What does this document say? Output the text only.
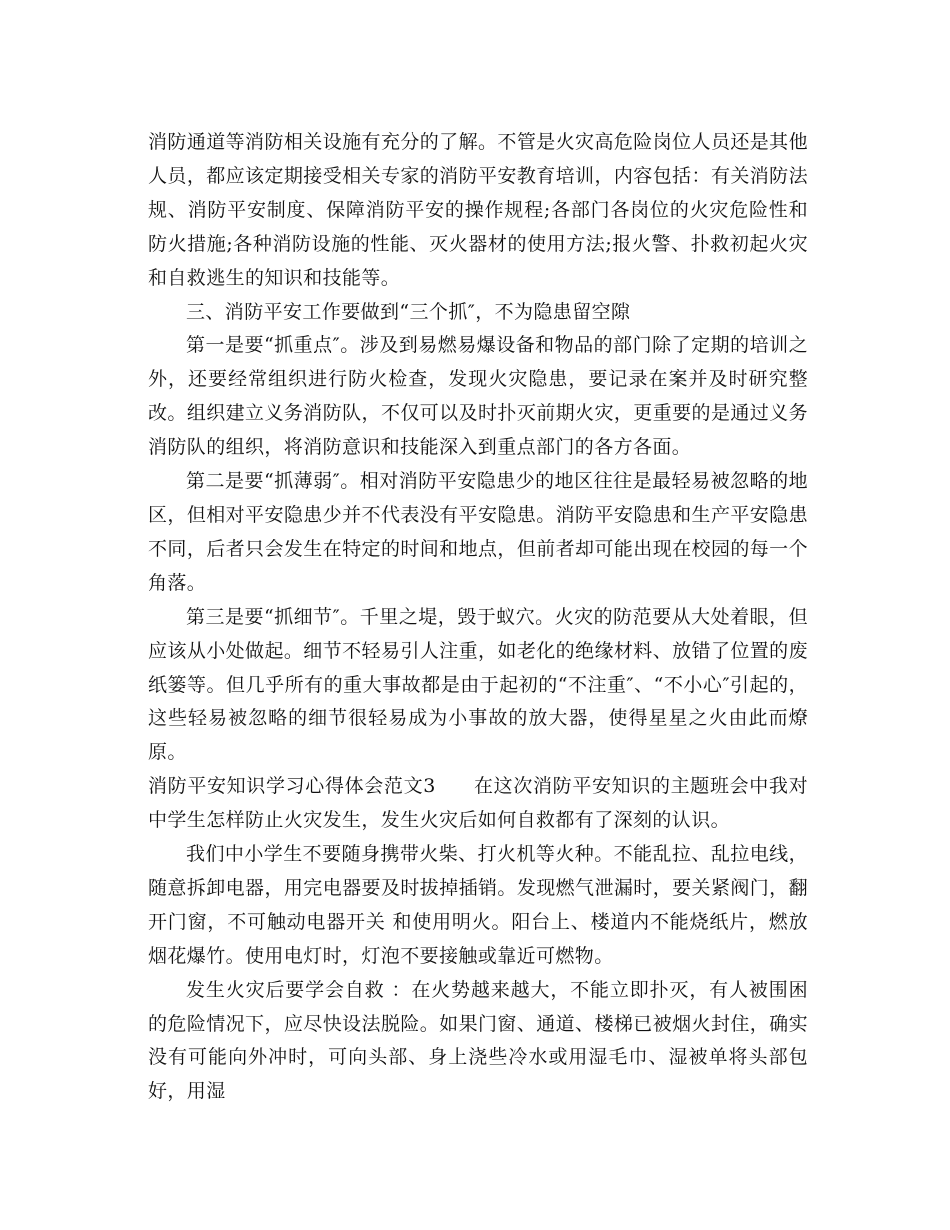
消防通道等消防相关设施有充分的了解。不管是火灾高危险岗位人员还是其他人员，都应该定期接受相关专家的消防平安教育培训，内容包括：有关消防法规、消防平安制度、保障消防平安的操作规程;各部门各岗位的火灾危险性和防火措施;各种消防设施的性能、灭火器材的使用方法;报火警、扑救初起火灾和自救逃生的知识和技能等。

三、消防平安工作要做到“三个抓″，不为隐患留空隙

第一是要“抓重点″。涉及到易燃易爆设备和物品的部门除了定期的培训之外，还要经常组织进行防火检查，发现火灾隐患，要记录在案并及时研究整改。组织建立义务消防队，不仅可以及时扑灭前期火灾，更重要的是通过义务消防队的组织，将消防意识和技能深入到重点部门的各方各面。

第二是要“抓薄弱″。相对消防平安隐患少的地区往往是最轻易被忽略的地区，但相对平安隐患少并不代表没有平安隐患。消防平安隐患和生产平安隐患不同，后者只会发生在特定的时间和地点，但前者却可能出现在校园的每一个角落。

第三是要“抓细节″。千里之堤，毁于蚁穴。火灾的防范要从大处着眼，但应该从小处做起。细节不轻易引人注重，如老化的绝缘材料、放错了位置的废纸篓等。但几乎所有的重大事故都是由于起初的“不注重″、“不小心″引起的，这些轻易被忽略的细节很轻易成为小事故的放大器，使得星星之火由此而燎原。

消防平安知识学习心得体会范文3 在这次消防平安知识的主题班会中我对中学生怎样防止火灾发生，发生火灾后如何自救都有了深刻的认识。

我们中小学生不要随身携带火柴、打火机等火种。不能乱拉、乱拉电线，随意拆卸电器，用完电器要及时拔掉插销。发现燃气泄漏时，要关紧阀门，翻开门窗，不可触动电器开关 和使用明火。阳台上、楼道内不能烧纸片，燃放烟花爆竹。使用电灯时，灯泡不要接触或靠近可燃物。

发生火灾后要学会自救 ：在火势越来越大，不能立即扑灭，有人被围困的危险情况下，应尽快设法脱险。如果门窗、通道、楼梯已被烟火封住，确实没有可能向外冲时，可向头部、身上浇些冷水或用湿毛巾、湿被单将头部包好，用湿
